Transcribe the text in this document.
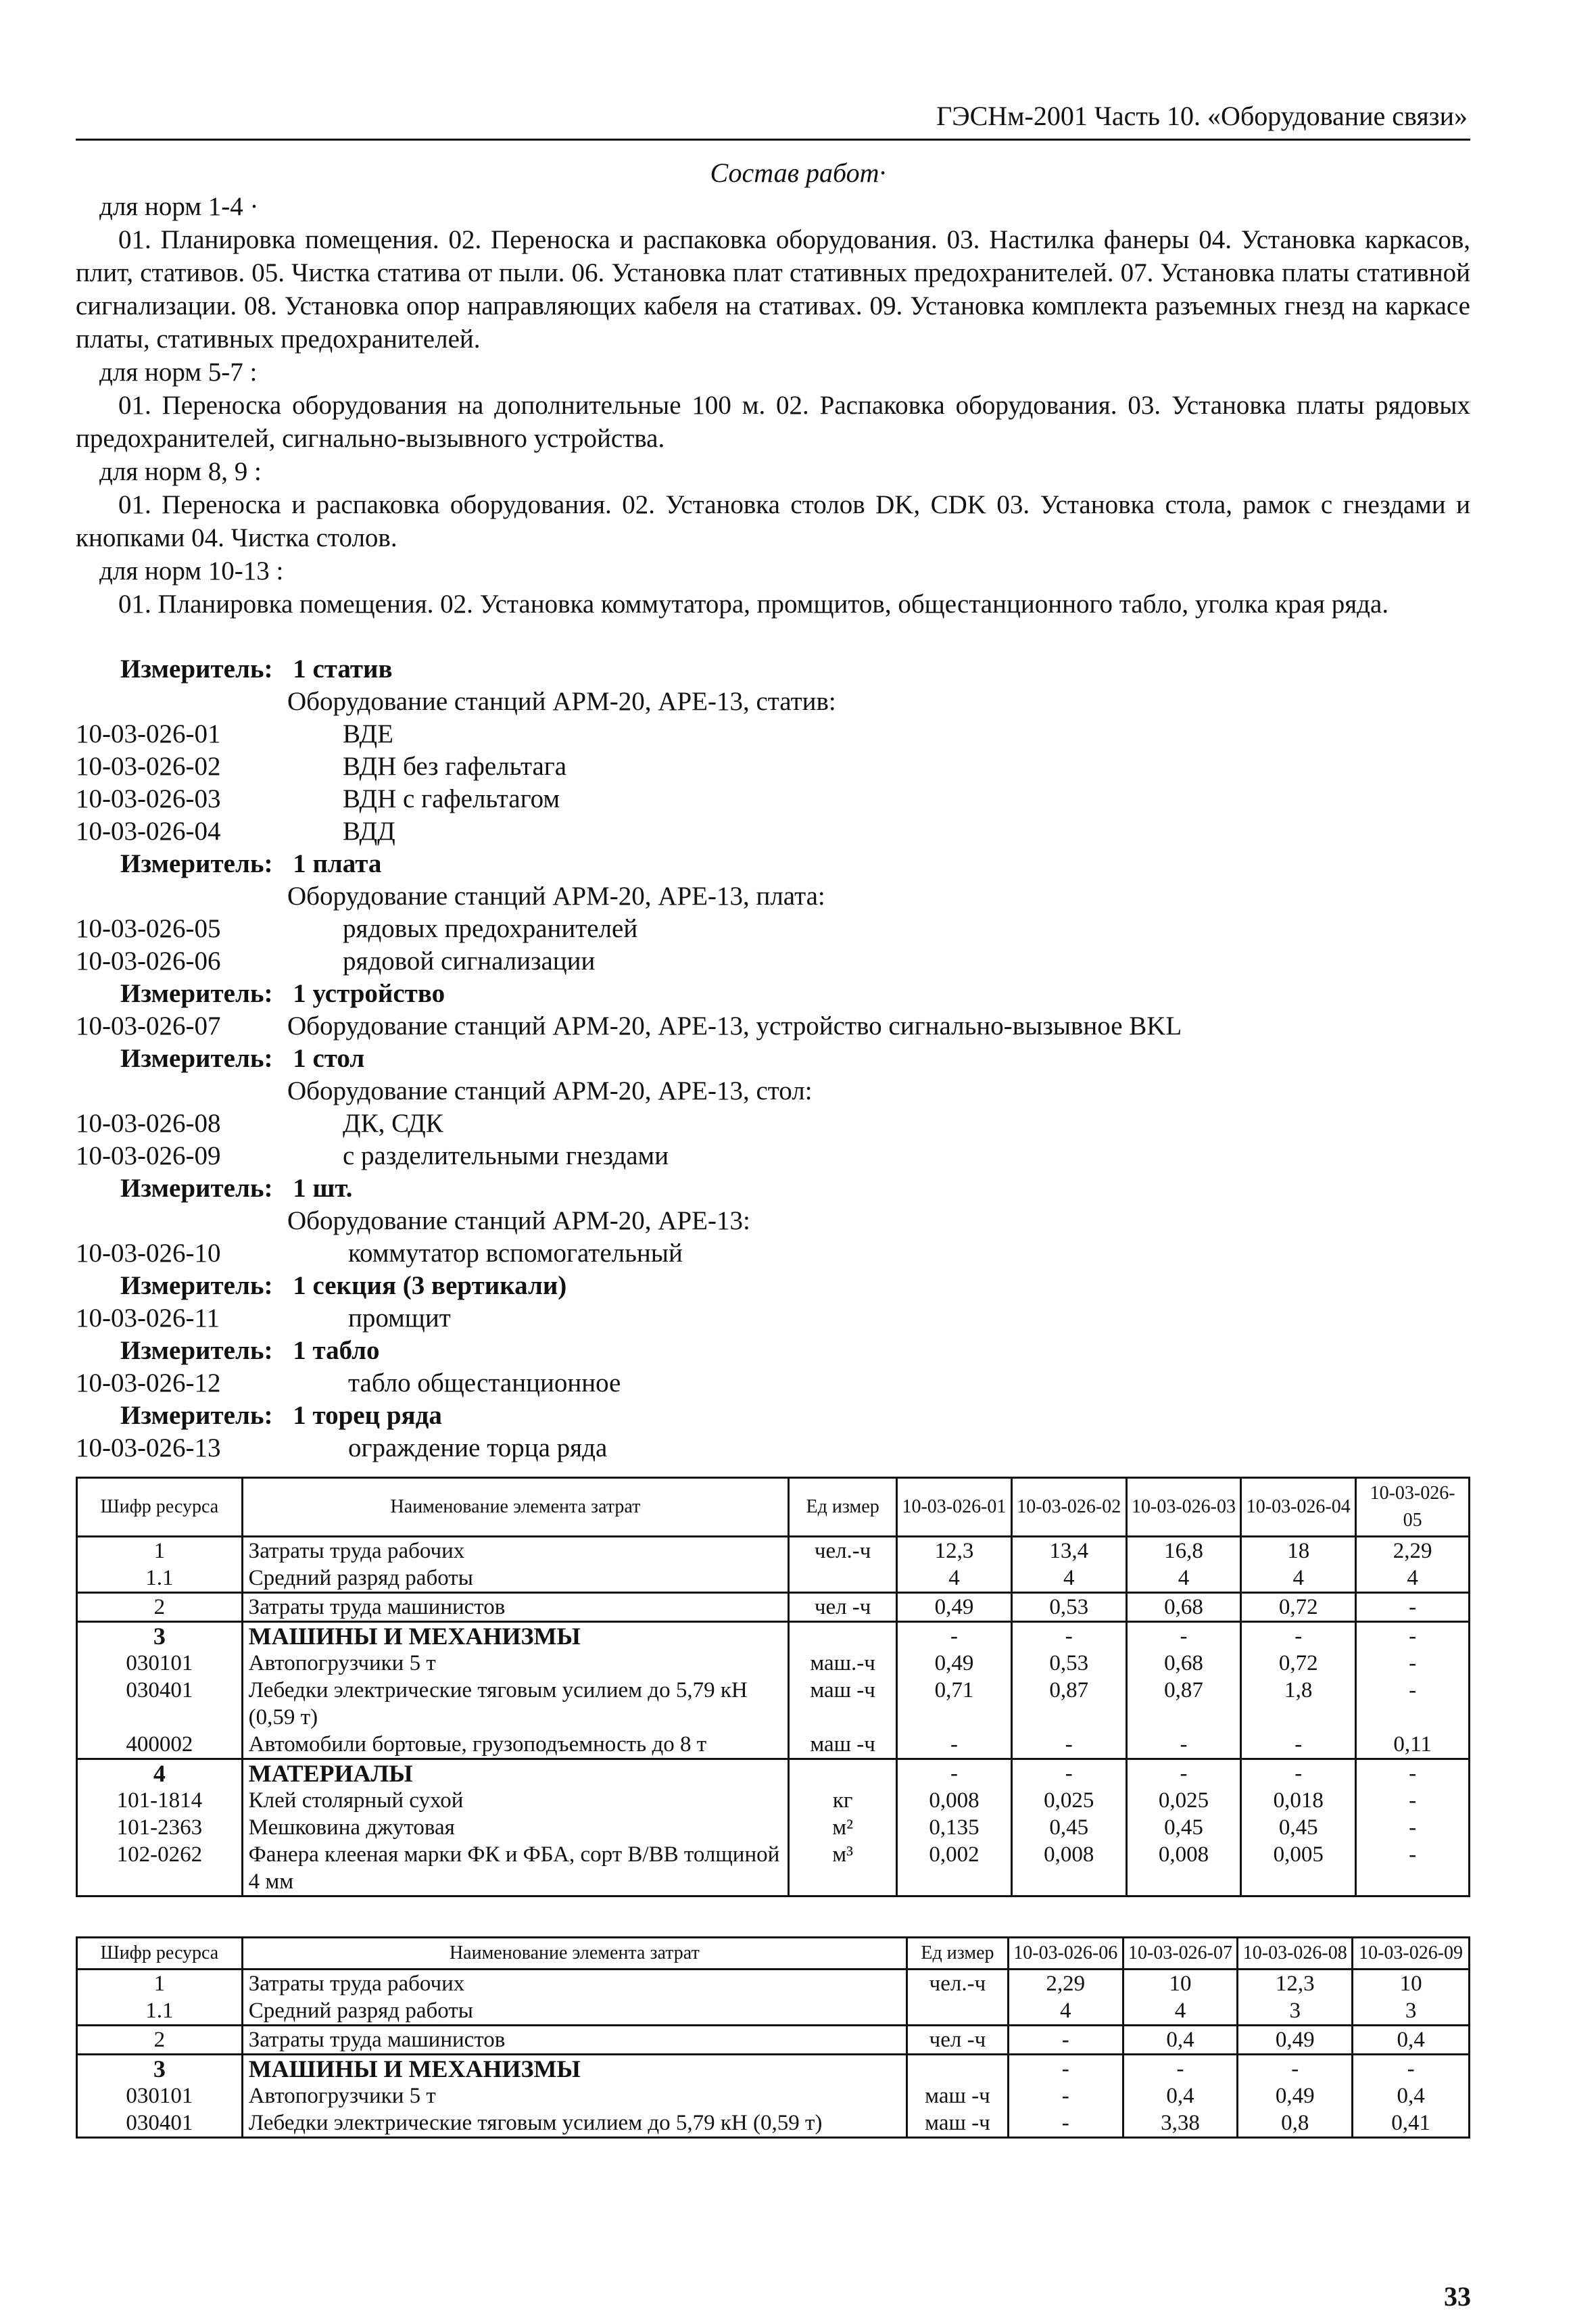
ГЭСНм-2001 Часть 10. «Оборудование связи»
Состав работ·
для норм 1-4 ·
01. Планировка помещения. 02. Переноска и распаковка оборудования. 03. Настилка фанеры 04. Установка каркасов, плит, стативов. 05. Чистка статива от пыли. 06. Установка плат стативных предохранителей. 07. Установка платы стативной сигнализации. 08. Установка опор направляющих кабеля на стативах. 09. Установка комплекта разъемных гнезд на каркасе платы, стативных предохранителей.
для норм 5-7 :
01. Переноска оборудования на дополнительные 100 м. 02. Распаковка оборудования. 03. Установка платы рядовых предохранителей, сигнально-вызывного устройства.
для норм 8, 9 :
01. Переноска и распаковка оборудования. 02. Установка столов DK, CDK 03. Установка стола, рамок с гнездами и кнопками 04. Чистка столов.
для норм 10-13 :
01. Планировка помещения. 02. Установка коммутатора, промщитов, общестанционного табло, уголка края ряда.
Измеритель: 1 статив
Оборудование станций АРМ-20, АРЕ-13, статив:
10-03-026-01	ВДЕ
10-03-026-02	ВДН без гафельтага
10-03-026-03	ВДН с гафельтагом
10-03-026-04	ВДД
Измеритель: 1 плата
Оборудование станций АРМ-20, АРЕ-13, плата:
10-03-026-05	рядовых предохранителей
10-03-026-06	рядовой сигнализации
Измеритель: 1 устройство
10-03-026-07	Оборудование станций АРМ-20, АРЕ-13, устройство сигнально-вызывное BKL
Измеритель: 1 стол
Оборудование станций АРМ-20, АРЕ-13, стол:
10-03-026-08	ДК, СДК
10-03-026-09	с разделительными гнездами
Измеритель: 1 шт.
Оборудование станций АРМ-20, АРЕ-13:
10-03-026-10	коммутатор вспомогательный
Измеритель: 1 секция (3 вертикали)
10-03-026-11	промщит
Измеритель: 1 табло
10-03-026-12	табло общестанционное
Измеритель: 1 торец ряда
10-03-026-13	ограждение торца ряда
Шифр ресурса	Наименование элемента затрат	Ед измер	10-03-026-01	10-03-026-02	10-03-026-03	10-03-026-04	10-03-026-05
1	Затраты труда рабочих	чел.-ч	12,3	13,4	16,8	18	2,29
1.1	Средний разряд работы		4	4	4	4	4
2	Затраты труда машинистов	чел -ч	0,49	0,53	0,68	0,72	-
3	МАШИНЫ И МЕХАНИЗМЫ		-	-	-	-	-
030101	Автопогрузчики 5 т	маш.-ч	0,49	0,53	0,68	0,72	-
030401	Лебедки электрические тяговым усилием до 5,79 кН (0,59 т)	маш -ч	0,71	0,87	0,87	1,8	-
400002	Автомобили бортовые, грузоподъемность до 8 т	маш -ч	-	-	-	-	0,11
4	МАТЕРИАЛЫ		-	-	-	-	-
101-1814	Клей столярный сухой	кг	0,008	0,025	0,025	0,018	-
101-2363	Мешковина джутовая	м²	0,135	0,45	0,45	0,45	-
102-0262	Фанера клееная марки ФК и ФБА, сорт В/ВВ толщиной 4 мм	м³	0,002	0,008	0,008	0,005	-
Шифр ресурса	Наименование элемента затрат	Ед измер	10-03-026-06	10-03-026-07	10-03-026-08	10-03-026-09
1	Затраты труда рабочих	чел.-ч	2,29	10	12,3	10
1.1	Средний разряд работы		4	4	3	3
2	Затраты труда машинистов	чел -ч	-	0,4	0,49	0,4
3	МАШИНЫ И МЕХАНИЗМЫ		-	-	-	-
030101	Автопогрузчики 5 т	маш -ч	-	0,4	0,49	0,4
030401	Лебедки электрические тяговым усилием до 5,79 кН (0,59 т)	маш -ч	-	3,38	0,8	0,41
33
